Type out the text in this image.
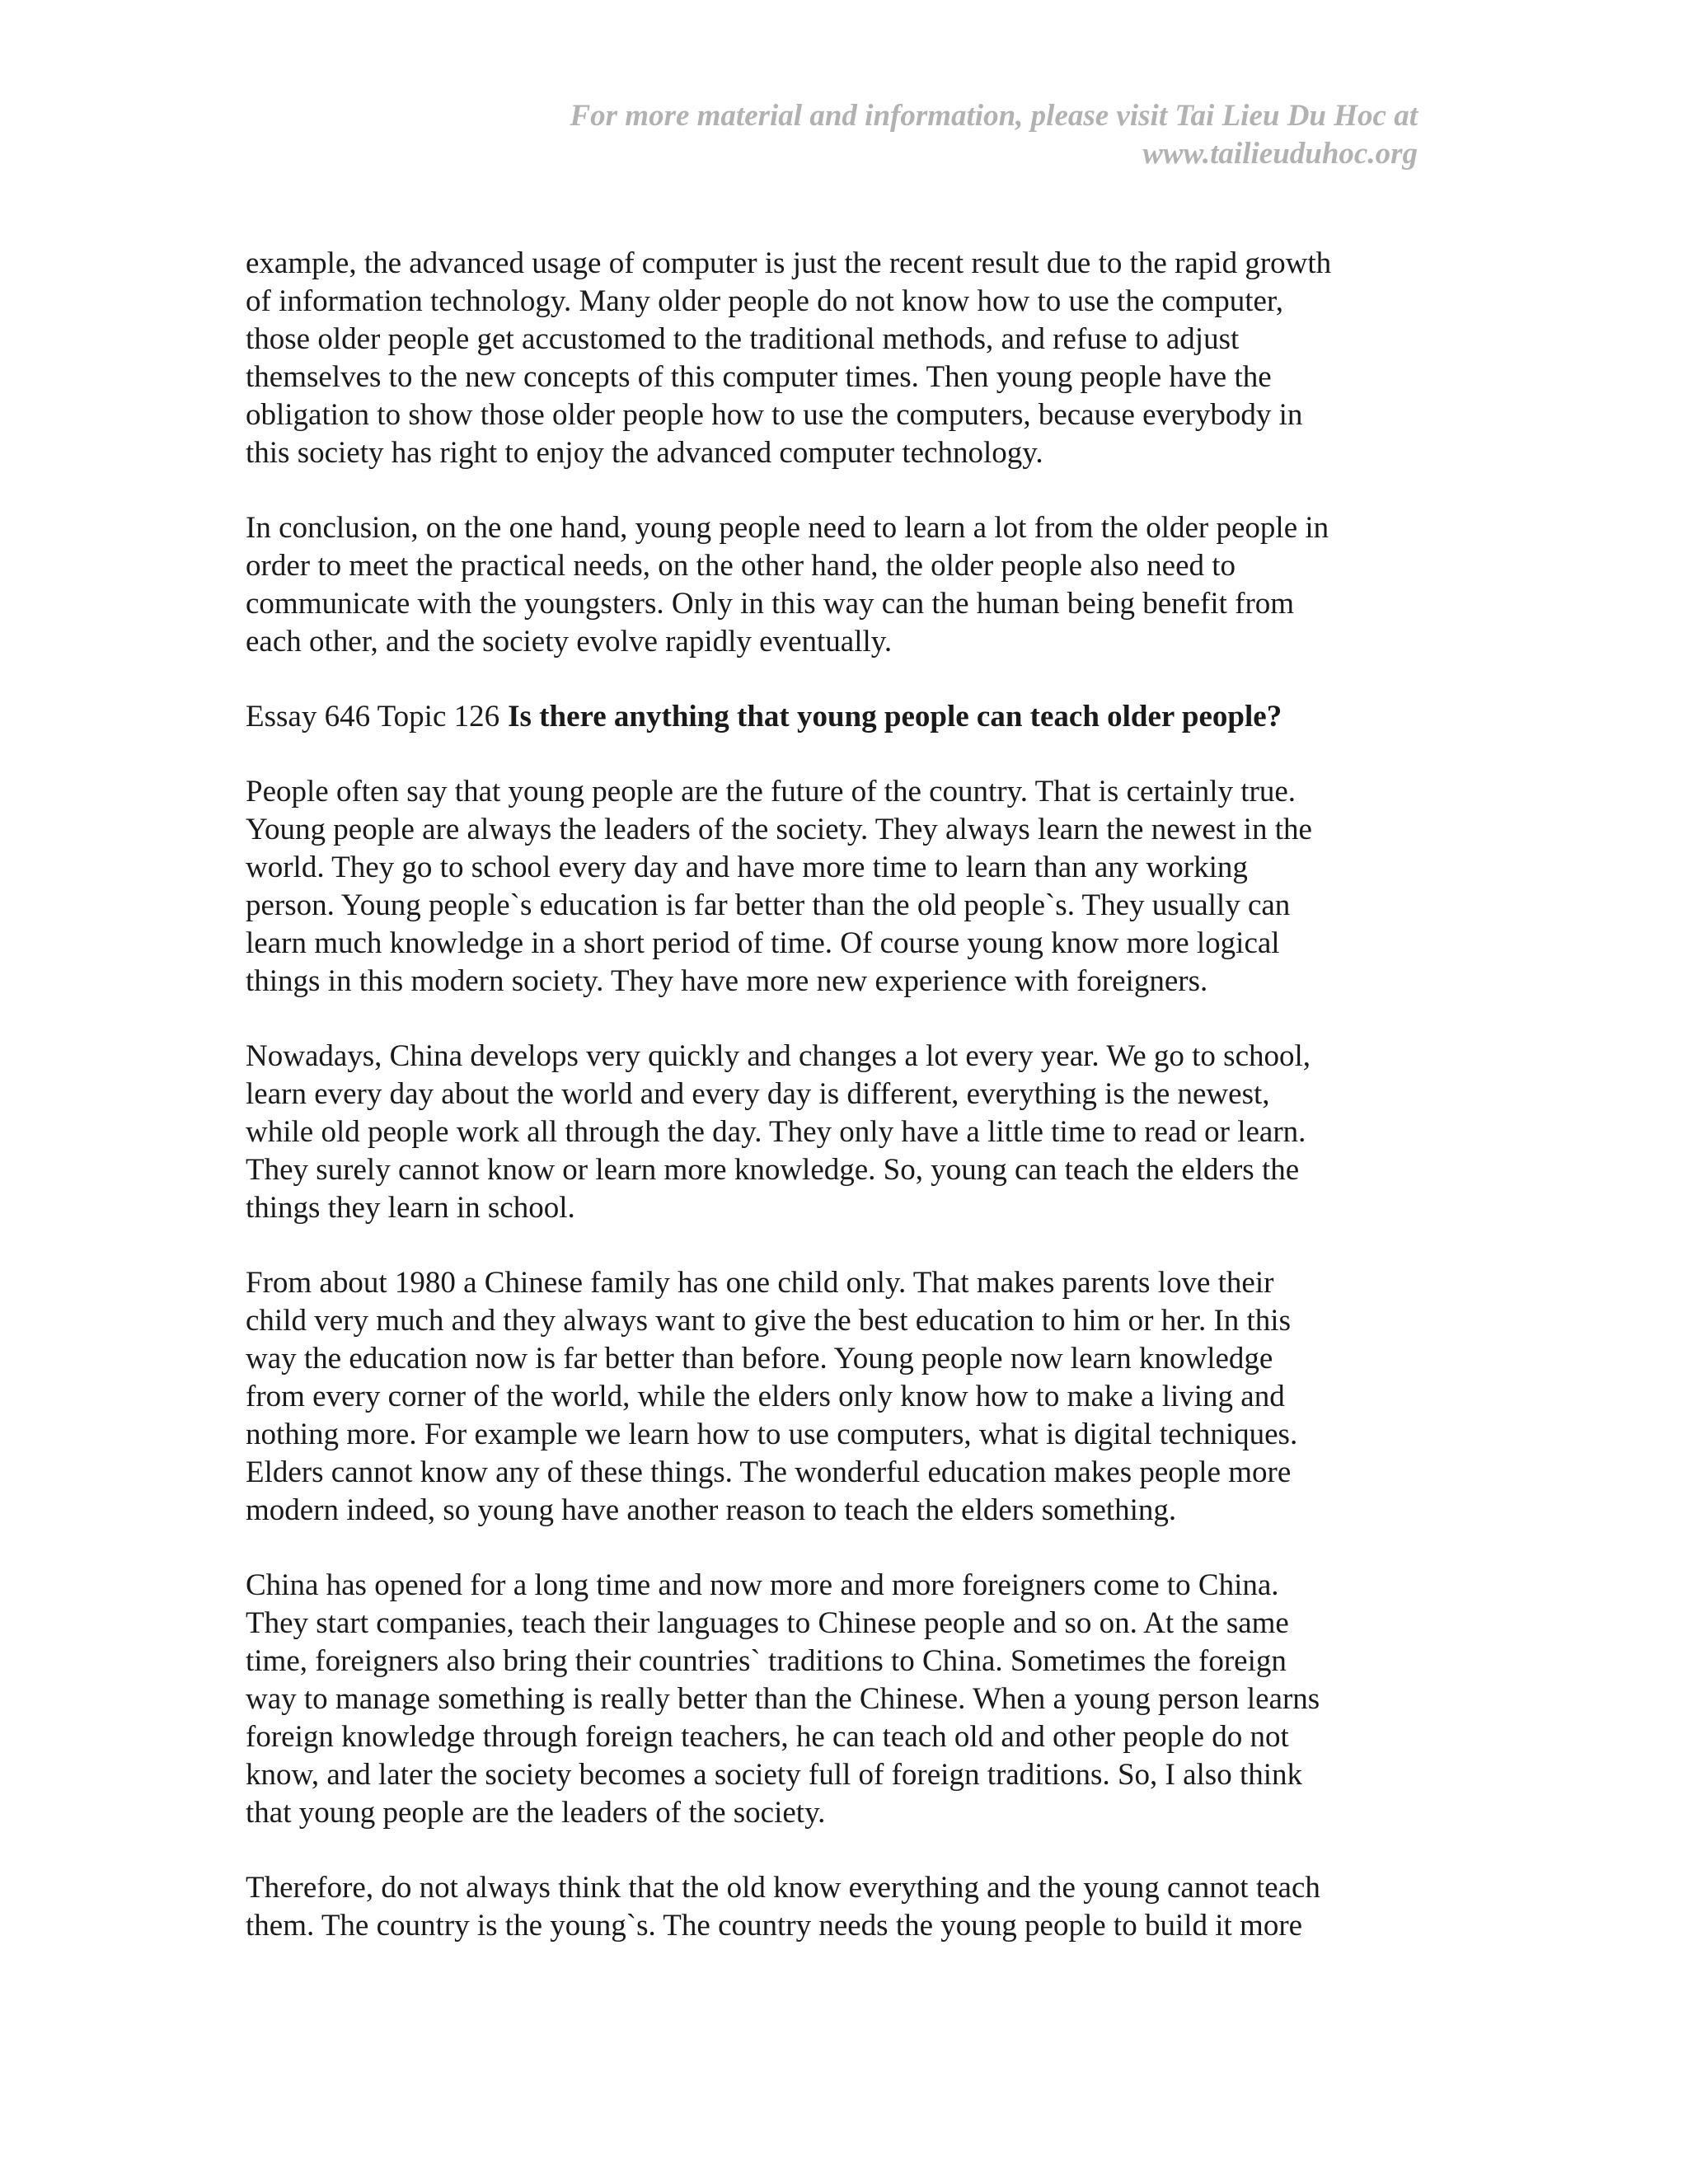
For more material and information, please visit Tai Lieu Du Hoc at
www.tailieuduhoc.org
example, the advanced usage of computer is just the recent result due to the rapid growth
of information technology. Many older people do not know how to use the computer,
those older people get accustomed to the traditional methods, and refuse to adjust
themselves to the new concepts of this computer times. Then young people have the
obligation to show those older people how to use the computers, because everybody in
this society has right to enjoy the advanced computer technology.
In conclusion, on the one hand, young people need to learn a lot from the older people in
order to meet the practical needs, on the other hand, the older people also need to
communicate with the youngsters. Only in this way can the human being benefit from
each other, and the society evolve rapidly eventually.
Essay 646 Topic 126 Is there anything that young people can teach older people?
People often say that young people are the future of the country. That is certainly true.
Young people are always the leaders of the society. They always learn the newest in the
world. They go to school every day and have more time to learn than any working
person. Young people`s education is far better than the old people`s. They usually can
learn much knowledge in a short period of time. Of course young know more logical
things in this modern society. They have more new experience with foreigners.
Nowadays, China develops very quickly and changes a lot every year. We go to school,
learn every day about the world and every day is different, everything is the newest,
while old people work all through the day. They only have a little time to read or learn.
They surely cannot know or learn more knowledge. So, young can teach the elders the
things they learn in school.
From about 1980 a Chinese family has one child only. That makes parents love their
child very much and they always want to give the best education to him or her. In this
way the education now is far better than before. Young people now learn knowledge
from every corner of the world, while the elders only know how to make a living and
nothing more. For example we learn how to use computers, what is digital techniques.
Elders cannot know any of these things. The wonderful education makes people more
modern indeed, so young have another reason to teach the elders something.
China has opened for a long time and now more and more foreigners come to China.
They start companies, teach their languages to Chinese people and so on. At the same
time, foreigners also bring their countries` traditions to China. Sometimes the foreign
way to manage something is really better than the Chinese. When a young person learns
foreign knowledge through foreign teachers, he can teach old and other people do not
know, and later the society becomes a society full of foreign traditions. So, I also think
that young people are the leaders of the society.
Therefore, do not always think that the old know everything and the young cannot teach
them. The country is the young`s. The country needs the young people to build it more
